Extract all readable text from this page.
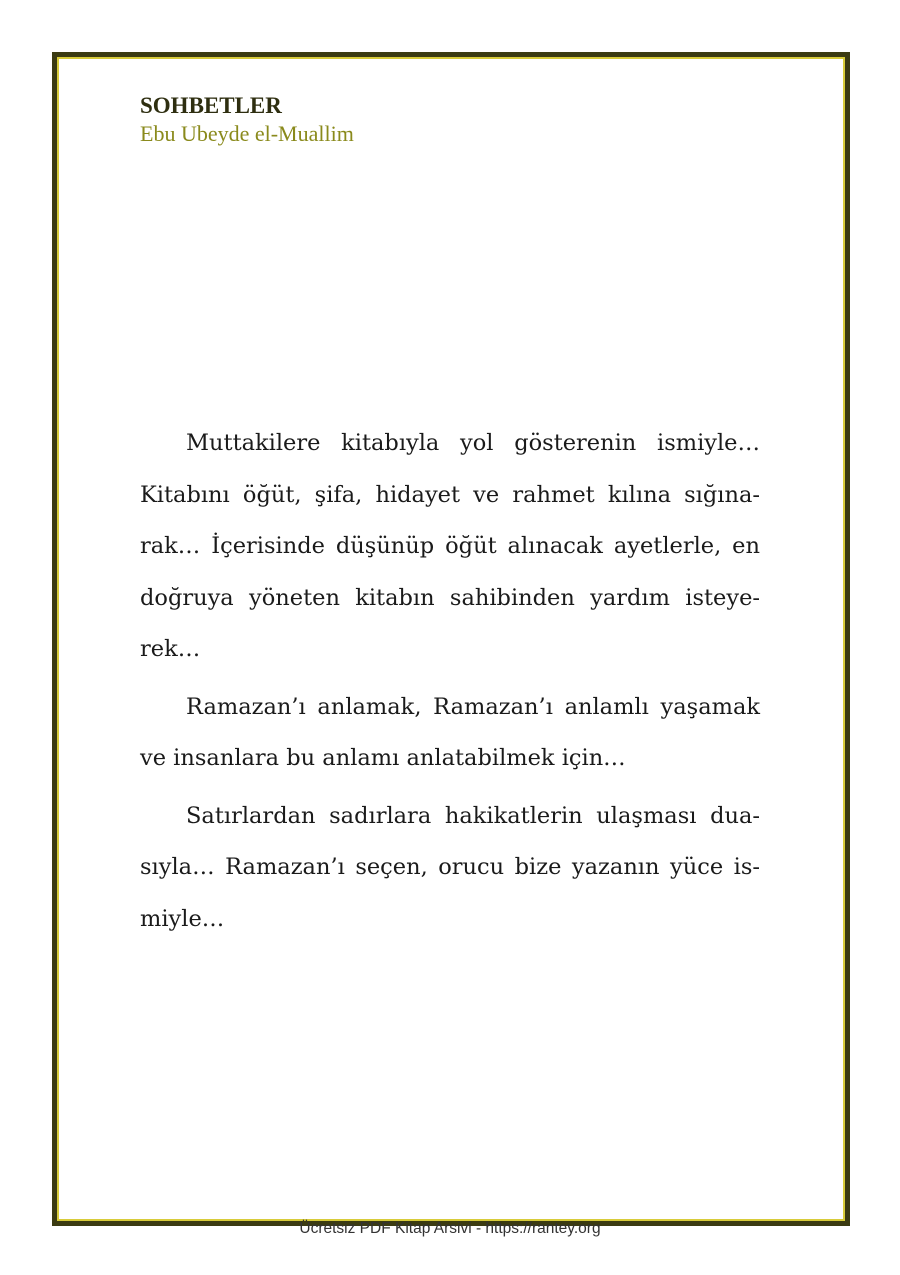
SOHBETLER
Ebu Ubeyde el-Muallim

Muttakilere kitabıyla yol gösterenin ismiyle… Kitabını öğüt, şifa, hidayet ve rahmet kılına sığınarak… İçerisinde düşünüp öğüt alınacak ayetlerle, en doğruya yöneten kitabın sahibinden yardım isteyerek…

Ramazan’ı anlamak, Ramazan’ı anlamlı yaşamak ve insanlara bu anlamı anlatabilmek için…

Satırlardan sadırlara hakikatlerin ulaşması duasıyla… Ramazan’ı seçen, orucu bize yazanın yüce ismiyle…

Ücretsiz PDF Kitap Arsivi - https://rantey.org
